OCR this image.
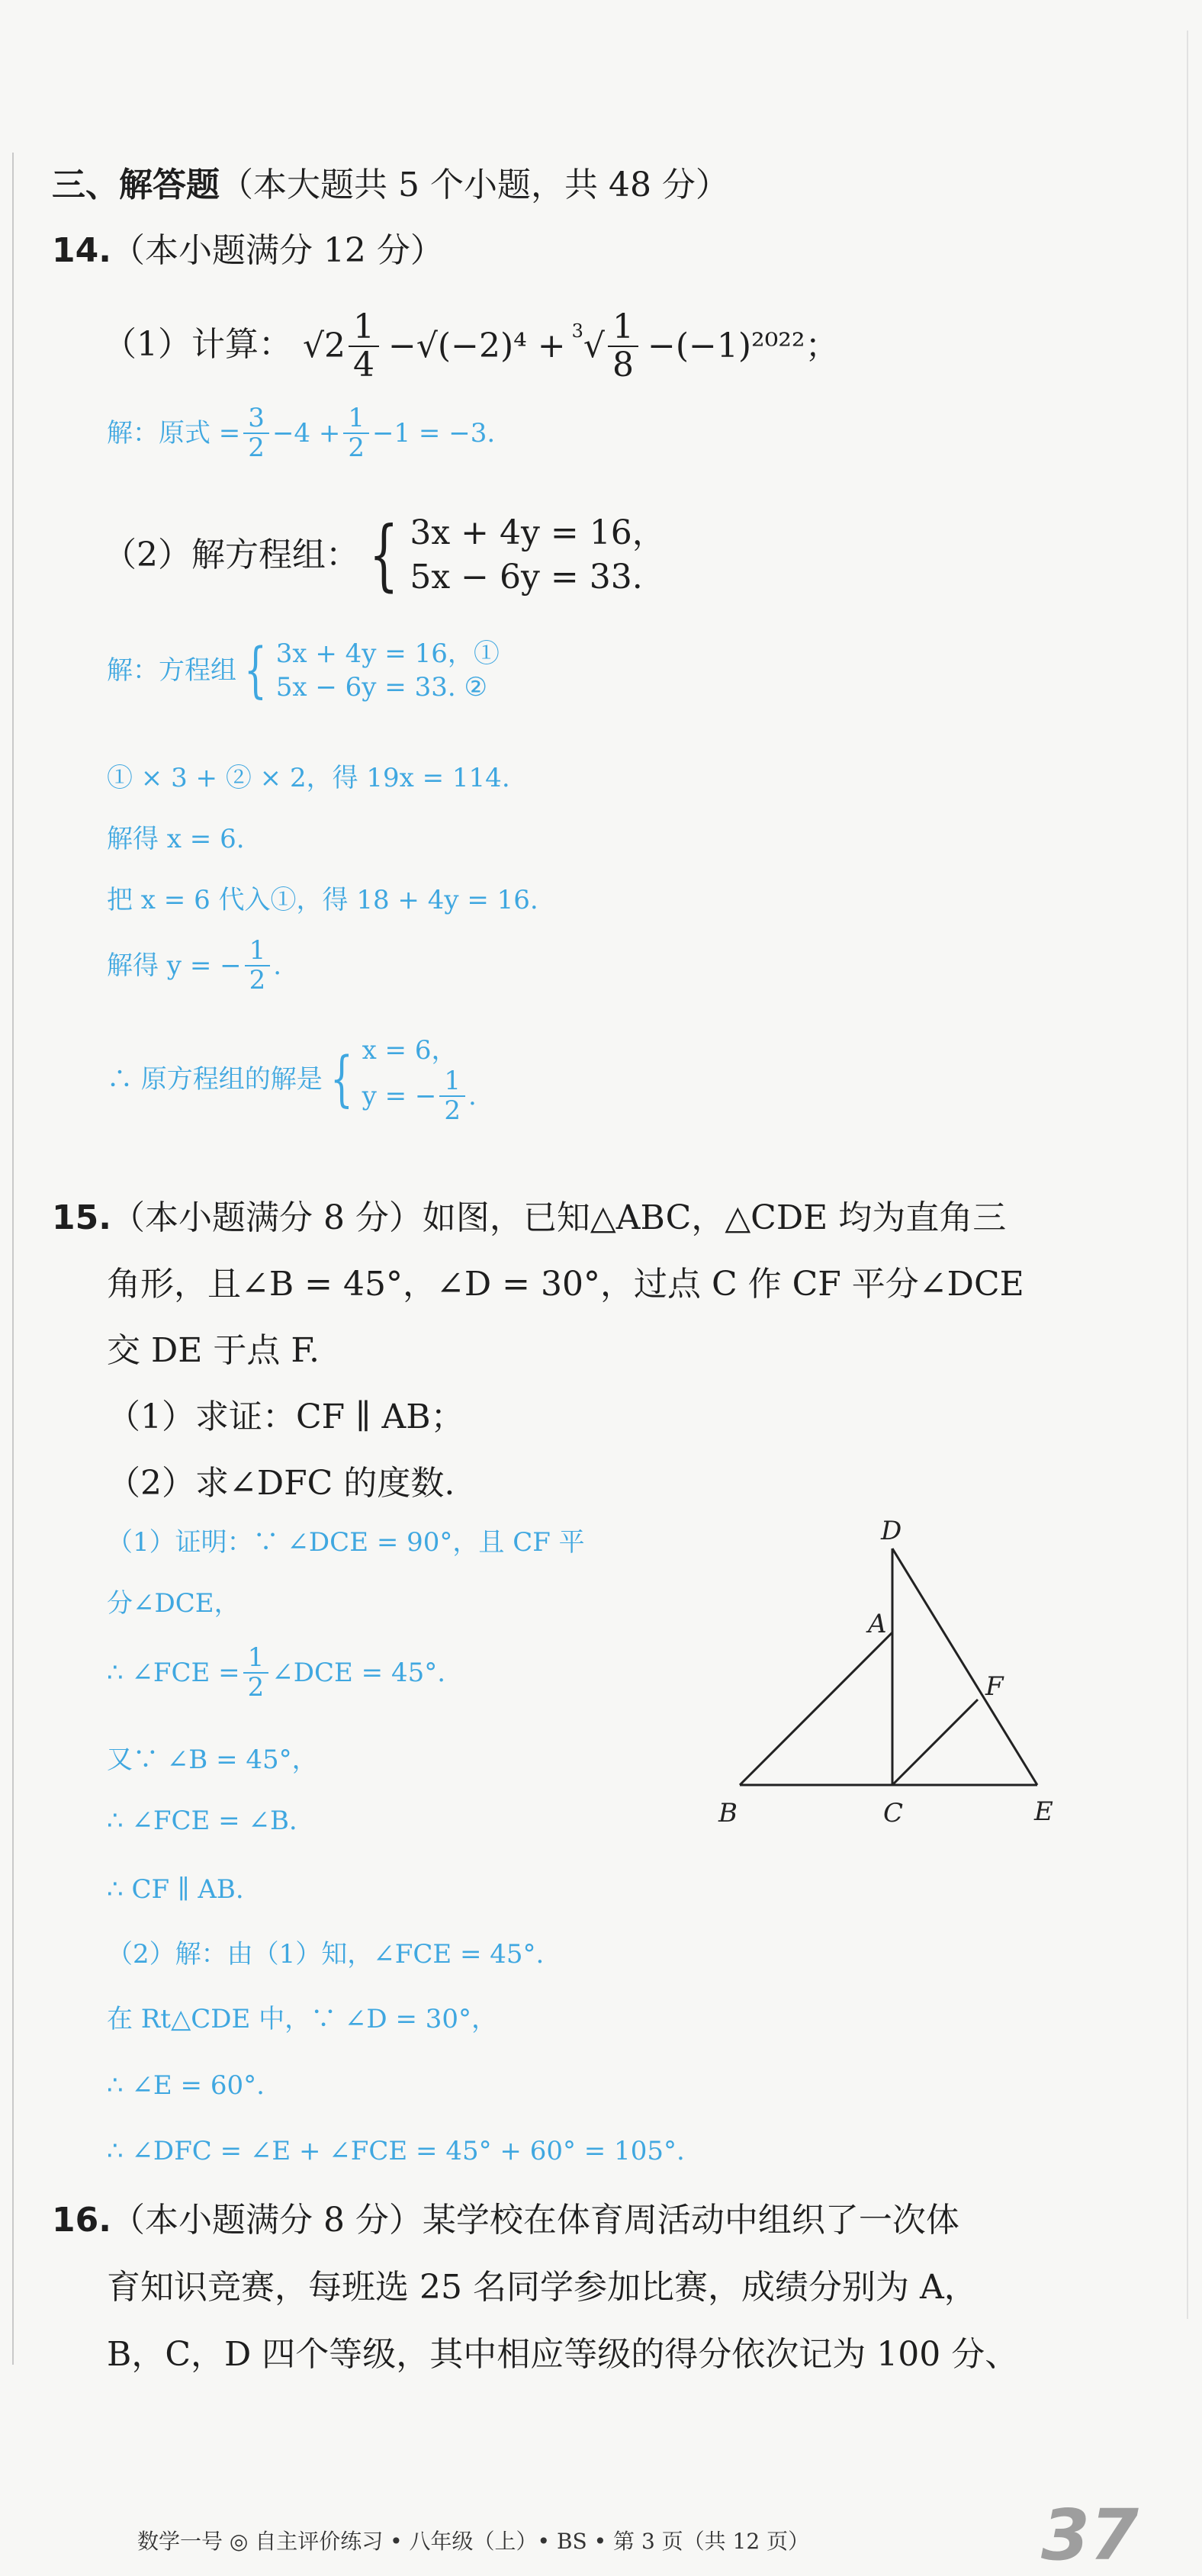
三、解答题（本大题共 5 个小题，共 48 分）
14.（本小题满分 12 分）
（1）计算： $√2 \frac{1}{4} -√(-2)^4 + ^3$ √ $\frac{1}{8} -(-1)^{2022}$；
解：原式 = $\frac{3}{2} -4 + \frac{1}{2} -1 = -3$.
（2）解方程组： { 3x + 4y = 16，
5x − 6y = 33.
解：方程组 { 3x + 4y = 16，①
5x − 6y = 33. ②
① × 3 + ② × 2，得 19x = 114.
解得 x = 6.
把 x = 6 代入①，得 18 + 4y = 16.
解得 y = − $\frac{1}{2}$ .
∴ 原方程组的解是 { x = 6，
y = − $\frac{1}{2}$ .
15.（本小题满分 8 分）如图，已知△ABC，△CDE 均为直角三
角形，且∠B = 45°，∠D = 30°，过点 C 作 CF 平分∠DCE
交 DE 于点 F.
（1）求证：CF ∥ AB；
（2）求∠DFC 的度数.
（1）证明：∵ ∠DCE = 90°，且 CF 平
分∠DCE，
∴ ∠FCE = $\frac{1}{2}$ ∠DCE = 45°.
又∵ ∠B = 45°，
∴ ∠FCE = ∠B.
∴ CF ∥ AB.
（2）解：由（1）知，∠FCE = 45°.
在 Rt△CDE 中，∵ ∠D = 30°，
∴ ∠E = 60°.
∴ ∠DFC = ∠E + ∠FCE = 45° + 60° = 105°.
D
A
F
B	C	E
16.（本小题满分 8 分）某学校在体育周活动中组织了一次体
育知识竞赛，每班选 25 名同学参加比赛，成绩分别为 A，
B，C，D 四个等级，其中相应等级的得分依次记为 100 分、
数学一号 ◎ 自主评价练习 • 八年级（上）• BS • 第 3 页（共 12 页）	37
